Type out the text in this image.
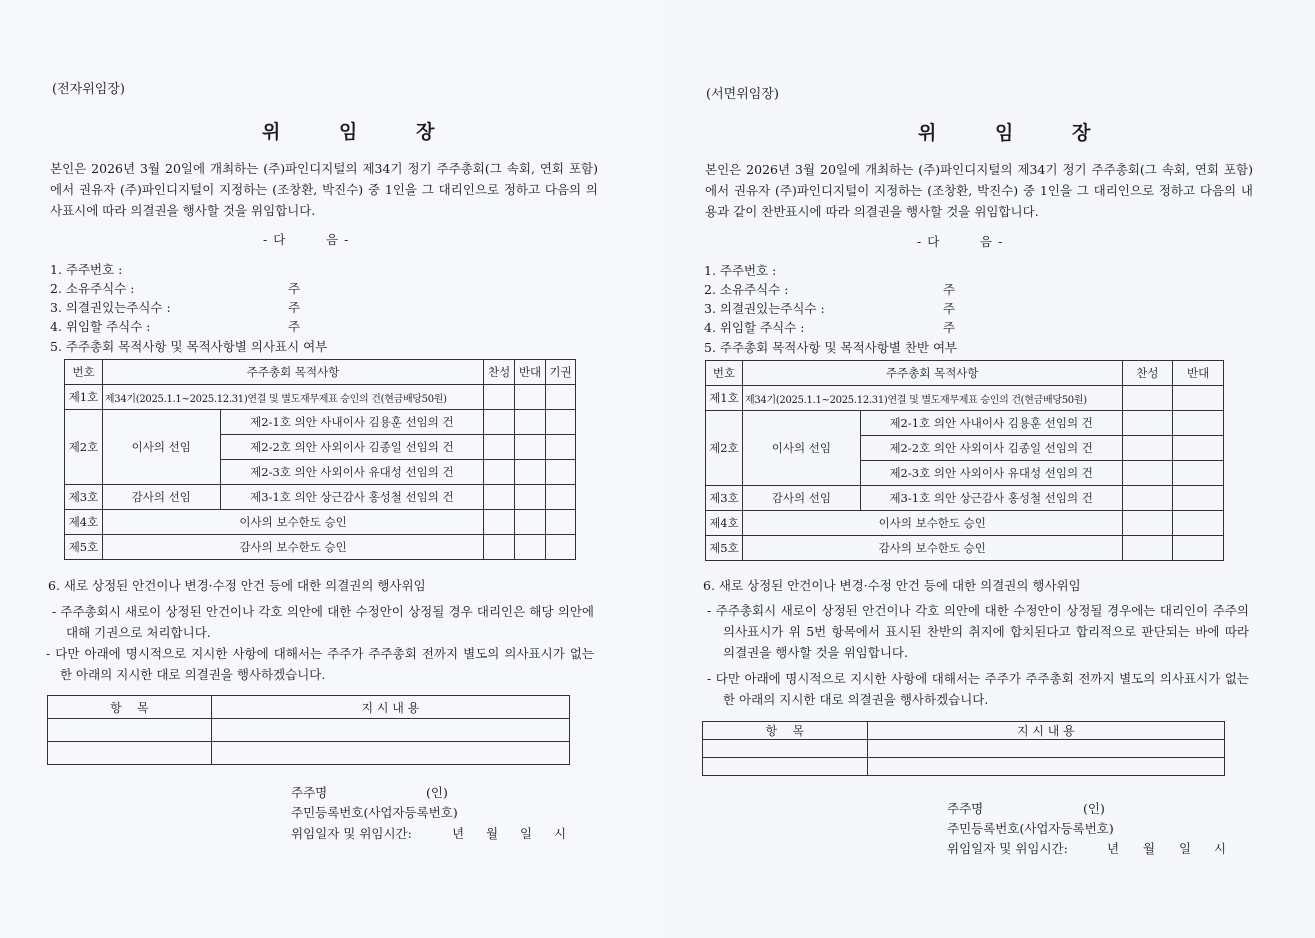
(전자위임장)
위 임 장
본인은 2026년 3월 20일에 개최하는 (주)파인디지털의 제34기 정기 주주총회(그 속회, 연회 포함)에서 권유자 (주)파인디지털이 지정하는 (조창환, 박진수) 중 1인을 그 대리인으로 정하고 다음의 의사표시에 따라 의결권을 행사할 것을 위임합니다.
- 다        음 -
1. 주주번호 :
2. 소유주식수 :	주
3. 의결권있는주식수 :	주
4. 위임할 주식수 :	주
5. 주주총회 목적사항 및 목적사항별 의사표시 여부
번호	주주총회 목적사항		찬성	반대	기권
제1호	제34기(2025.1.1~2025.12.31)연결 및 별도재무제표 승인의 건(현금배당50원)				
제2호	이사의 선임	제2-1호 의안 사내이사 김용훈 선임의 건			
		제2-2호 의안 사외이사 김종일 선임의 건			
		제2-3호 의안 사외이사 유대성 선임의 건			
제3호	감사의 선임	제3-1호 의안 상근감사 홍성철 선임의 건			
제4호	이사의 보수한도 승인				
제5호	감사의 보수한도 승인				
6. 새로 상정된 안건이나 변경·수정 안건 등에 대한 의결권의 행사위임
- 주주총회시 새로이 상정된 안건이나 각호 의안에 대한 수정안이 상정될 경우 대리인은 해당 의안에 대해 기권으로 처리합니다.
- 다만 아래에 명시적으로 지시한 사항에 대해서는 주주가 주주총회 전까지 별도의 의사표시가 없는 한 아래의 지시한 대로 의결권을 행사하겠습니다.
항    목	지 시 내 용

주주명	(인)
주민등록번호(사업자등록번호)
위임일자 및 위임시간:	년 월 일 시
(서면위임장)
위 임 장
본인은 2026년 3월 20일에 개최하는 (주)파인디지털의 제34기 정기 주주총회(그 속회, 연회 포함)에서 권유자 (주)파인디지털이 지정하는 (조창환, 박진수) 중 1인을 그 대리인으로 정하고 다음의 내용과 같이 찬반표시에 따라 의결권을 행사할 것을 위임합니다.
- 다        음 -
1. 주주번호 :
2. 소유주식수 :	주
3. 의결권있는주식수 :	주
4. 위임할 주식수 :	주
5. 주주총회 목적사항 및 목적사항별 찬반 여부
번호	주주총회 목적사항		찬성	반대
제1호	제34기(2025.1.1~2025.12.31)연결 및 별도재무제표 승인의 건(현금배당50원)			
제2호	이사의 선임	제2-1호 의안 사내이사 김용훈 선임의 건		
		제2-2호 의안 사외이사 김종일 선임의 건		
		제2-3호 의안 사외이사 유대성 선임의 건		
제3호	감사의 선임	제3-1호 의안 상근감사 홍성철 선임의 건		
제4호	이사의 보수한도 승인			
제5호	감사의 보수한도 승인			
6. 새로 상정된 안건이나 변경·수정 안건 등에 대한 의결권의 행사위임
- 주주총회시 새로이 상정된 안건이나 각호 의안에 대한 수정안이 상정될 경우에는 대리인이 주주의 의사표시가 위 5번 항목에서 표시된 찬반의 취지에 합치된다고 합리적으로 판단되는 바에 따라 의결권을 행사할 것을 위임합니다.
- 다만 아래에 명시적으로 지시한 사항에 대해서는 주주가 주주총회 전까지 별도의 의사표시가 없는 한 아래의 지시한 대로 의결권을 행사하겠습니다.
항    목	지 시 내 용

주주명	(인)
주민등록번호(사업자등록번호)
위임일자 및 위임시간:	년 월 일 시
